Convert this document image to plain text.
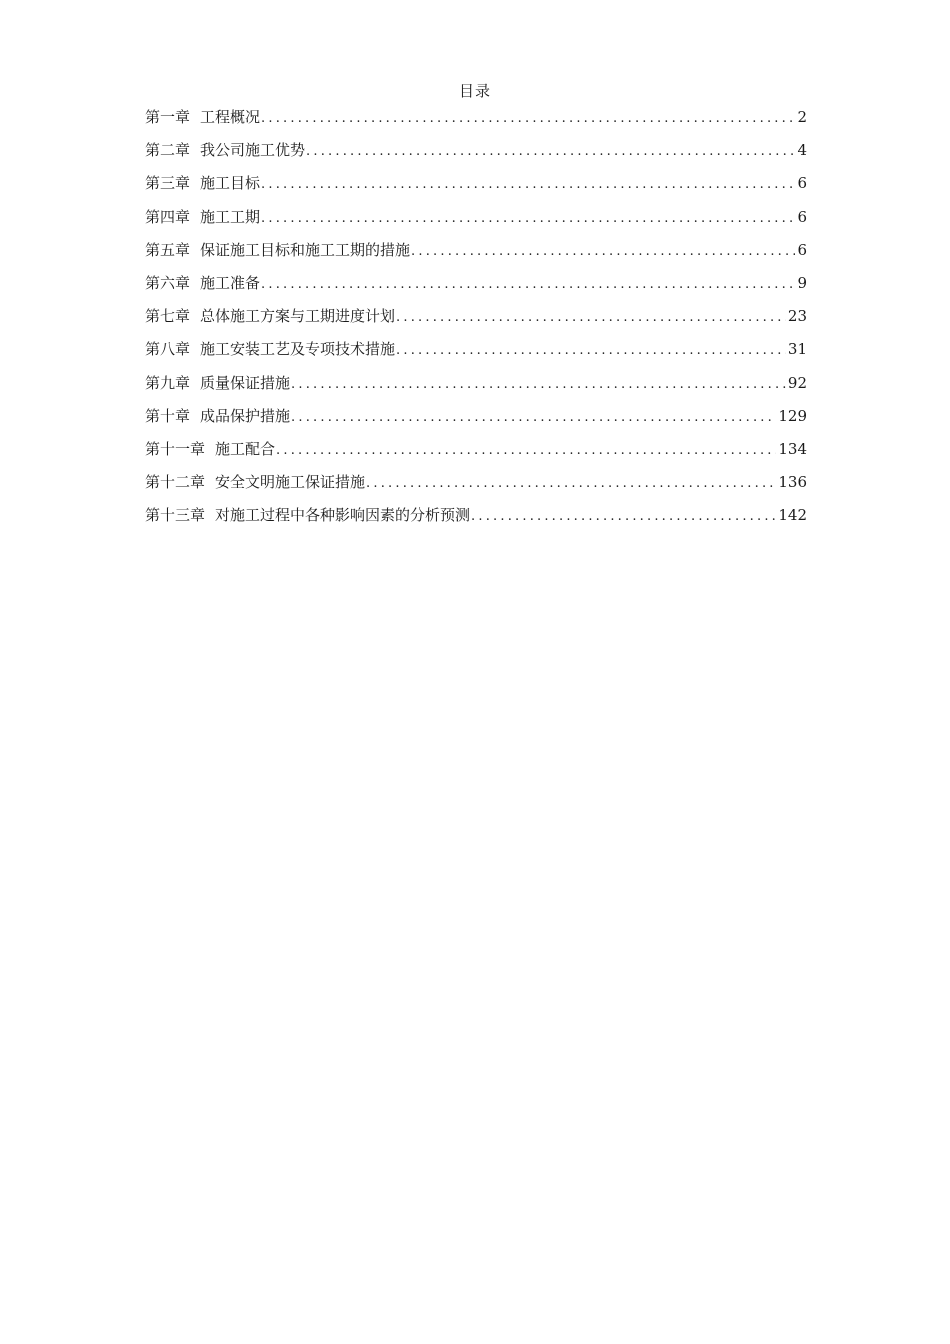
目录
第一章 工程概况 .....	2
第二章 我公司施工优势 .....	4
第三章 施工目标 .....	6
第四章 施工工期 .....	6
第五章 保证施工目标和施工工期的措施 .....	6
第六章 施工准备 .....	9
第七章 总体施工方案与工期进度计划 .....	23
第八章 施工安装工艺及专项技术措施 .....	31
第九章 质量保证措施 .....	92
第十章 成品保护措施 .....	129
第十一章 施工配合 .....	134
第十二章 安全文明施工保证措施 .....	136
第十三章 对施工过程中各种影响因素的分析预测 .....	142
